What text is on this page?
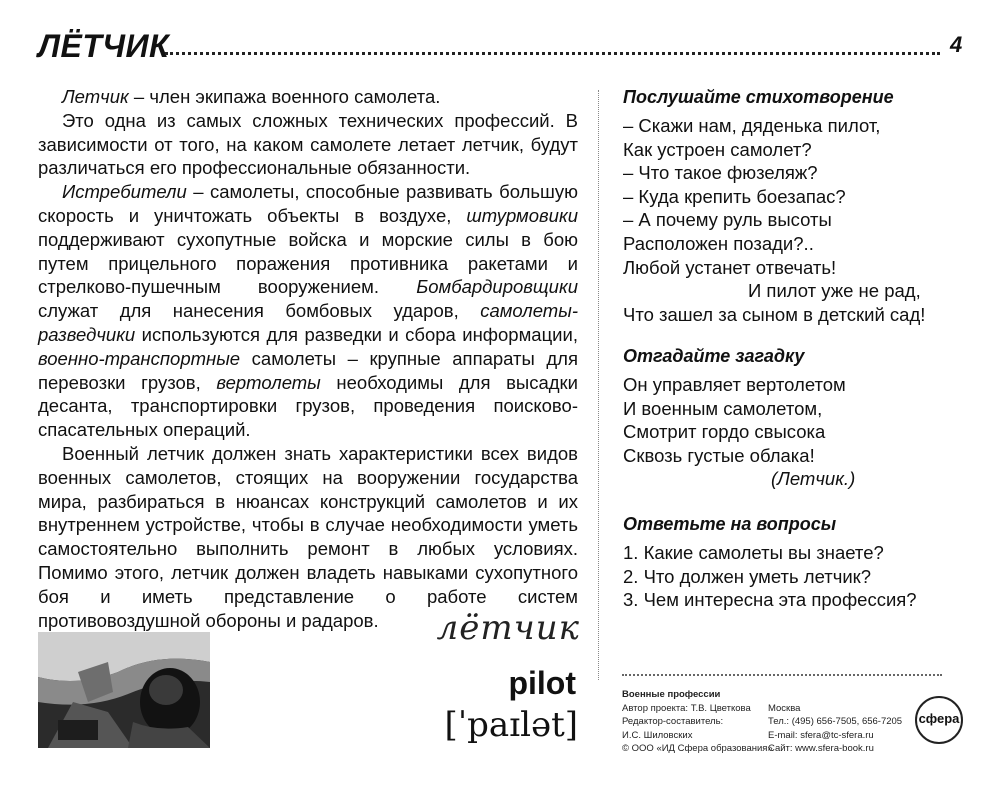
ЛЁТЧИК	4

Летчик – член экипажа военного самолета.

Это одна из самых сложных технических профессий. В зависимости от того, на каком самолете летает летчик, будут различаться его профессиональные обязанности.

Истребители – самолеты, способные развивать большую скорость и уничтожать объекты в воздухе, штурмовики поддерживают сухопутные войска и морские силы в бою путем прицельного поражения противника ракетами и стрелково-пушечным вооружением. Бомбардировщики служат для нанесения бомбовых ударов, самолеты-разведчики используются для разведки и сбора информации, военно-транспортные самолеты – крупные аппараты для перевозки грузов, вертолеты необходимы для высадки десанта, транспортировки грузов, проведения поисково-спасательных операций.

Военный летчик должен знать характеристики всех видов военных самолетов, стоящих на вооружении государства мира, разбираться в нюансах конструкций самолетов и их внутреннем устройстве, чтобы в случае необходимости уметь самостоятельно выполнить ремонт в любых условиях. Помимо этого, летчик должен владеть навыками сухопутного боя и иметь представление о работе систем противовоздушной обороны и радаров.

Послушайте стихотворение
– Скажи нам, дяденька пилот,
Как устроен самолет?
– Что такое фюзеляж?
– Куда крепить боезапас?
– А почему руль высоты
Расположен позади?..
Любой устанет отвечать!
И пилот уже не рад,
Что зашел за сыном в детский сад!
Отгадайте загадку
Он управляет вертолетом
И военным самолетом,
Смотрит гордо свысока
Сквозь густые облака!
(Летчик.)
Ответьте на вопросы
1. Какие самолеты вы знаете?
2. Что должен уметь летчик?
3. Чем интересна эта профессия?
лётчик
pilot
[ˈpaɪlət]
Военные профессии
Автор проекта: Т.В. Цветкова
Редактор-составитель:
И.С. Шиловских
© ООО «ИД Сфера образования»
Москва
Тел.: (495) 656-7505, 656-7205
E-mail: sfera@tc-sfera.ru
Сайт: www.sfera-book.ru
сфера
